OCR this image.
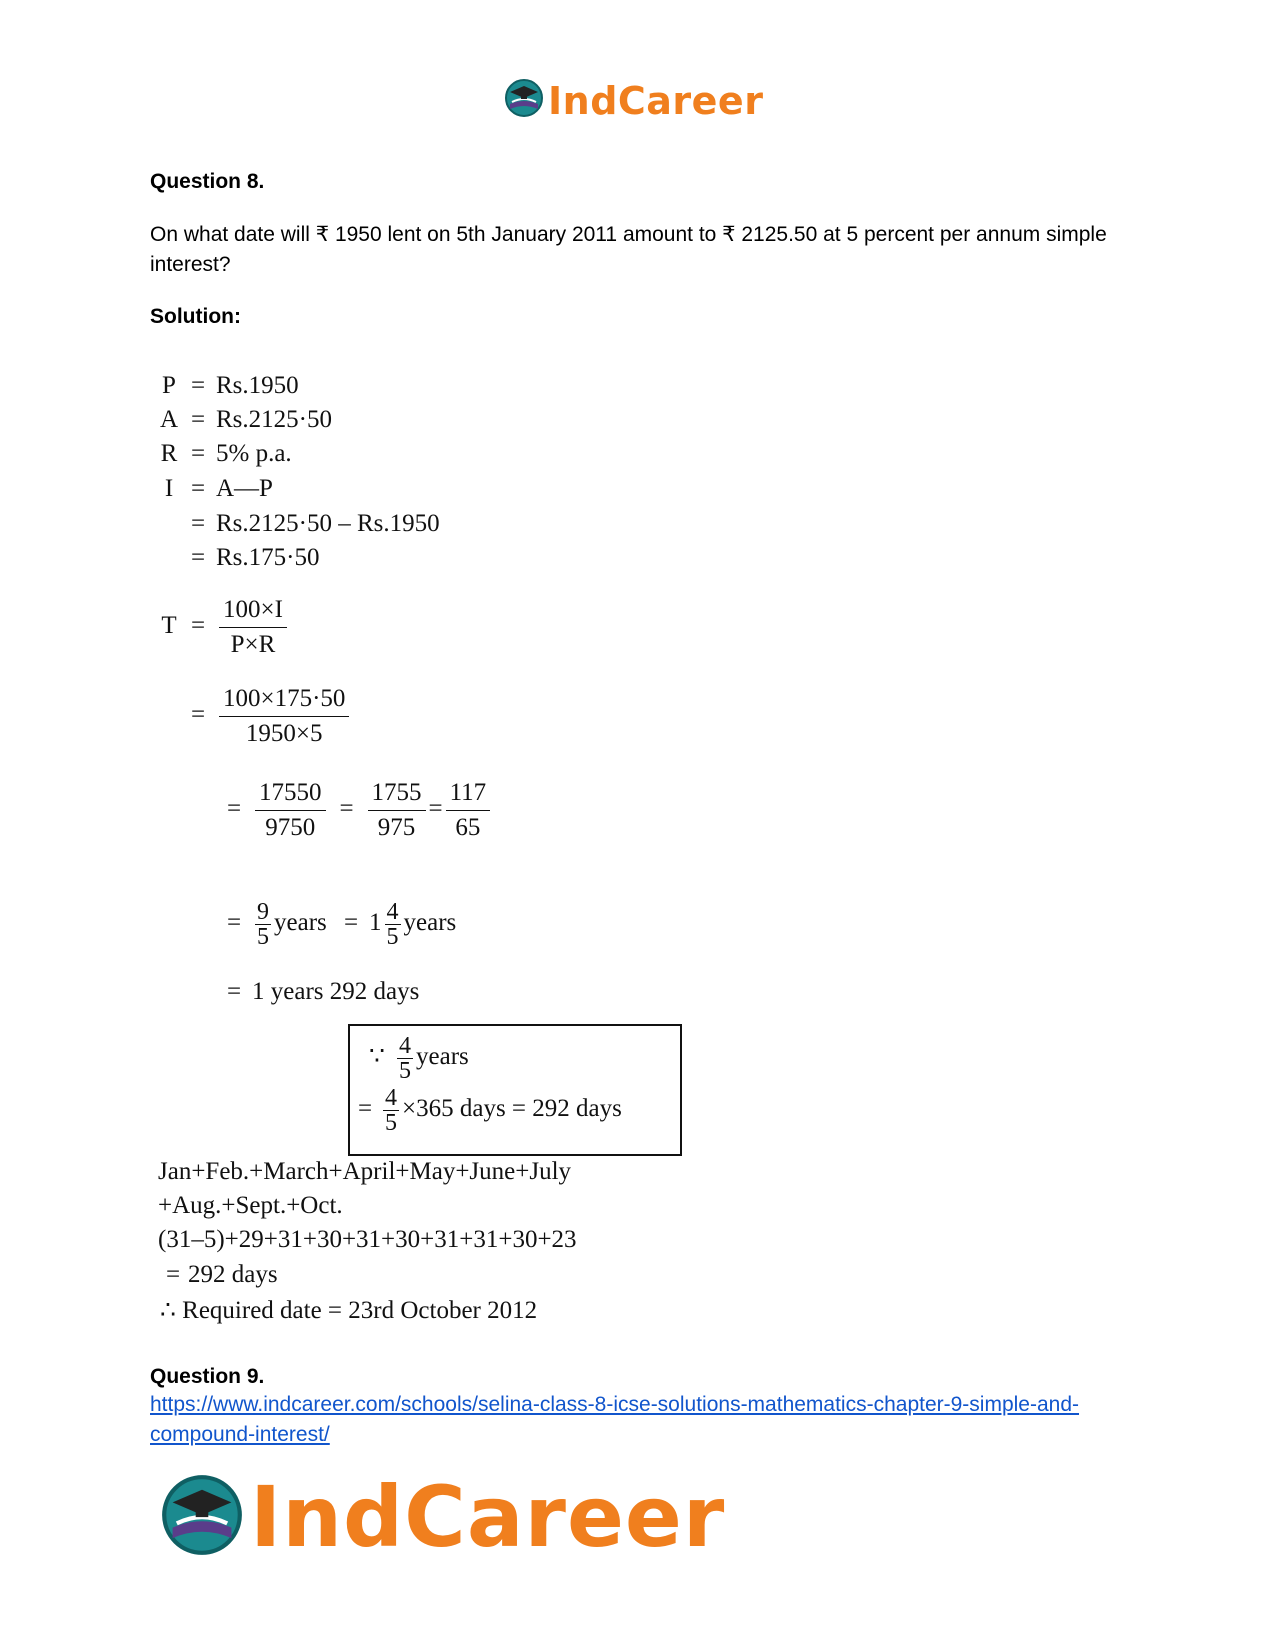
IndCareer
Question 8.
On what date will ₹ 1950 lent on 5th January 2011 amount to ₹ 2125.50 at 5 percent per annum simple interest?
Solution:
P = Rs.1950
A = Rs.2125·50
R = 5% p.a.
I = A—P
= Rs.2125·50 – Rs.1950
= Rs.175·50
$T = \frac{100\times I}{P\times R}$
= $\frac{100\times 175\cdot 50}{1950\times 5}$
= $\frac{17550}{9750} = \frac{1755}{975} = \frac{117}{65}$
= $\frac{9}{5}$ years = $1 \frac{4}{5}$ years
= 1 years 292 days
∵ $\frac{4}{5}$ years
= $\frac{4}{5} \times 365$ days = 292 days
Jan+Feb.+March+April+May+June+July
+Aug.+Sept.+Oct.
(31–5)+29+31+30+31+30+31+31+30+23
= 292 days
∴ Required date = 23rd October 2012
Question 9.
https://www.indcareer.com/schools/selina-class-8-icse-solutions-mathematics-chapter-9-simple-and-compound-interest/
IndCareer
